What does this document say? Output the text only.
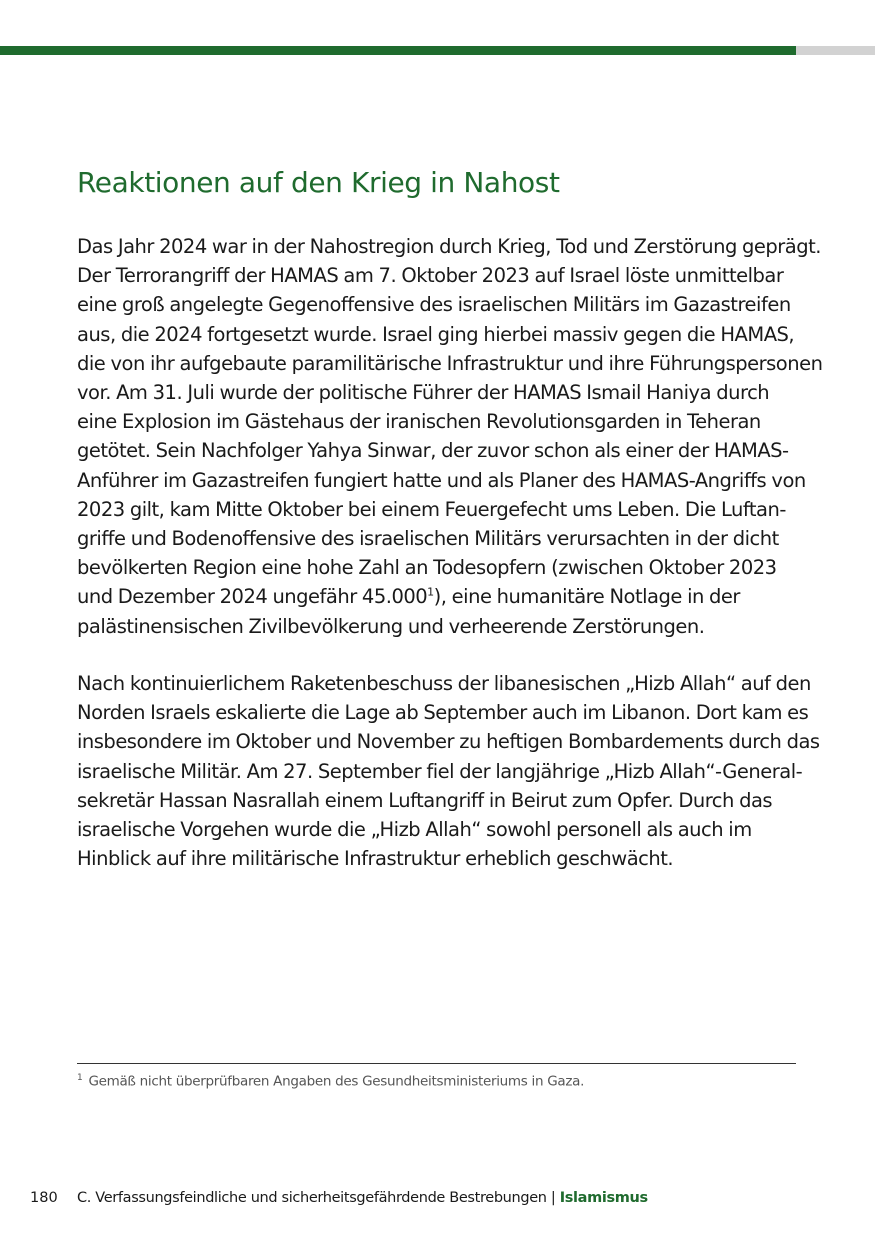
Reaktionen auf den Krieg in Nahost

Das Jahr 2024 war in der Nahostregion durch Krieg, Tod und Zerstörung geprägt.
Der Terrorangriff der HAMAS am 7. Oktober 2023 auf Israel löste unmittelbar
eine groß angelegte Gegenoffensive des israelischen Militärs im Gazastreifen
aus, die 2024 fortgesetzt wurde. Israel ging hierbei massiv gegen die HAMAS,
die von ihr aufgebaute paramilitärische Infrastruktur und ihre Führungspersonen
vor. Am 31. Juli wurde der politische Führer der HAMAS Ismail Haniya durch
eine Explosion im Gästehaus der iranischen Revolutionsgarden in Teheran
getötet. Sein Nachfolger Yahya Sinwar, der zuvor schon als einer der HAMAS-
Anführer im Gazastreifen fungiert hatte und als Planer des HAMAS-Angriffs von
2023 gilt, kam Mitte Oktober bei einem Feuergefecht ums Leben. Die Luftan-
griffe und Bodenoffensive des israelischen Militärs verursachten in der dicht
bevölkerten Region eine hohe Zahl an Todesopfern (zwischen Oktober 2023
und Dezember 2024 ungefähr 45.000$^1$), eine humanitäre Notlage in der
palästinensischen Zivilbevölkerung und verheerende Zerstörungen.

Nach kontinuierlichem Raketenbeschuss der libanesischen „Hizb Allah“ auf den
Norden Israels eskalierte die Lage ab September auch im Libanon. Dort kam es
insbesondere im Oktober und November zu heftigen Bombardements durch das
israelische Militär. Am 27. September fiel der langjährige „Hizb Allah“-General-
sekretär Hassan Nasrallah einem Luftangriff in Beirut zum Opfer. Durch das
israelische Vorgehen wurde die „Hizb Allah“ sowohl personell als auch im
Hinblick auf ihre militärische Infrastruktur erheblich geschwächt.

$^1$ Gemäß nicht überprüfbaren Angaben des Gesundheitsministeriums in Gaza.

180 C. Verfassungsfeindliche und sicherheitsgefährdende Bestrebungen | Islamismus
